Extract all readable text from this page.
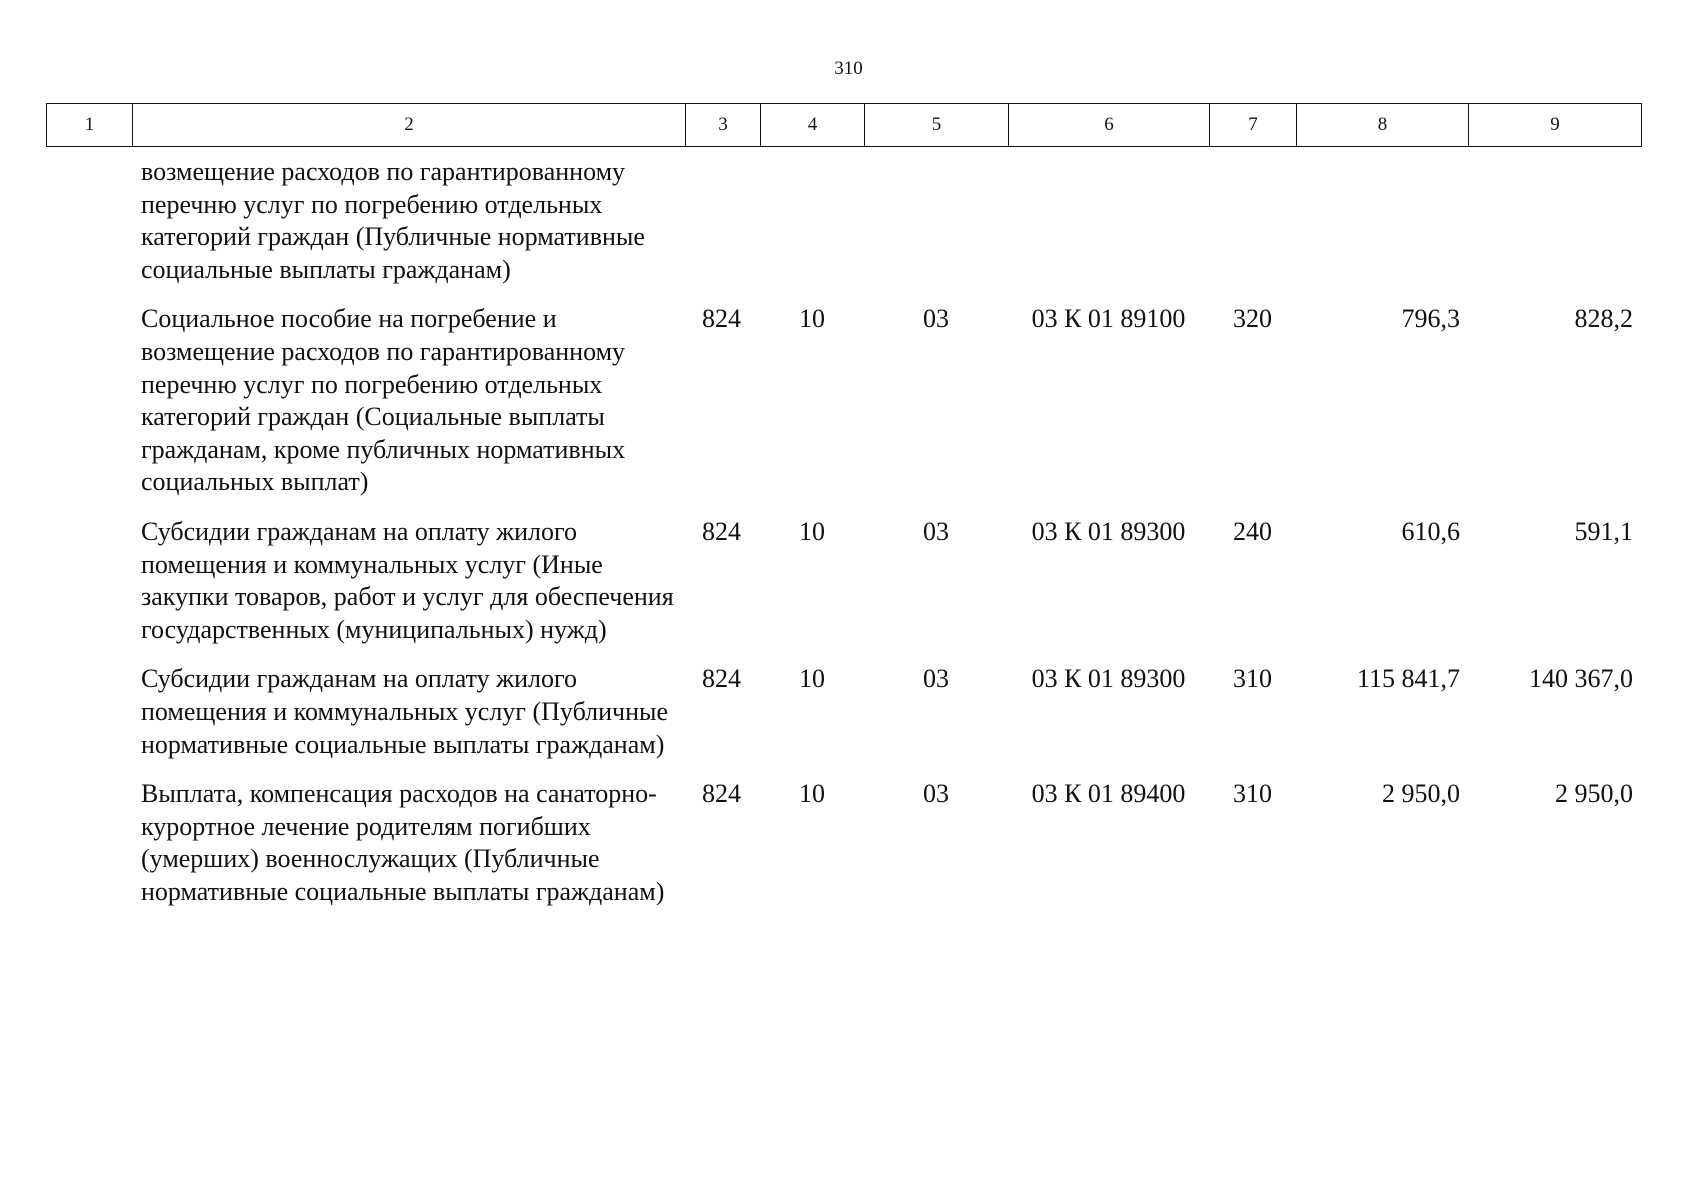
310
1	2	3	4	5	6	7	8	9
возмещение расходов по гарантированному перечню услуг по погребению отдельных категорий граждан (Публичные нормативные социальные выплаты гражданам)							
Социальное пособие на погребение и возмещение расходов по гарантированному перечню услуг по погребению отдельных категорий граждан (Социальные выплаты гражданам, кроме публичных нормативных социальных выплат)	824	10	03	03 К 01 89100	320	796,3	828,2
Субсидии гражданам на оплату жилого помещения и коммунальных услуг (Иные закупки товаров, работ и услуг для обеспечения государственных (муниципальных) нужд)	824	10	03	03 К 01 89300	240	610,6	591,1
Субсидии гражданам на оплату жилого помещения и коммунальных услуг (Публичные нормативные социальные выплаты гражданам)	824	10	03	03 К 01 89300	310	115 841,7	140 367,0
Выплата, компенсация расходов на санаторно-курортное лечение родителям погибших (умерших) военнослужащих (Публичные нормативные социальные выплаты гражданам)	824	10	03	03 К 01 89400	310	2 950,0	2 950,0
